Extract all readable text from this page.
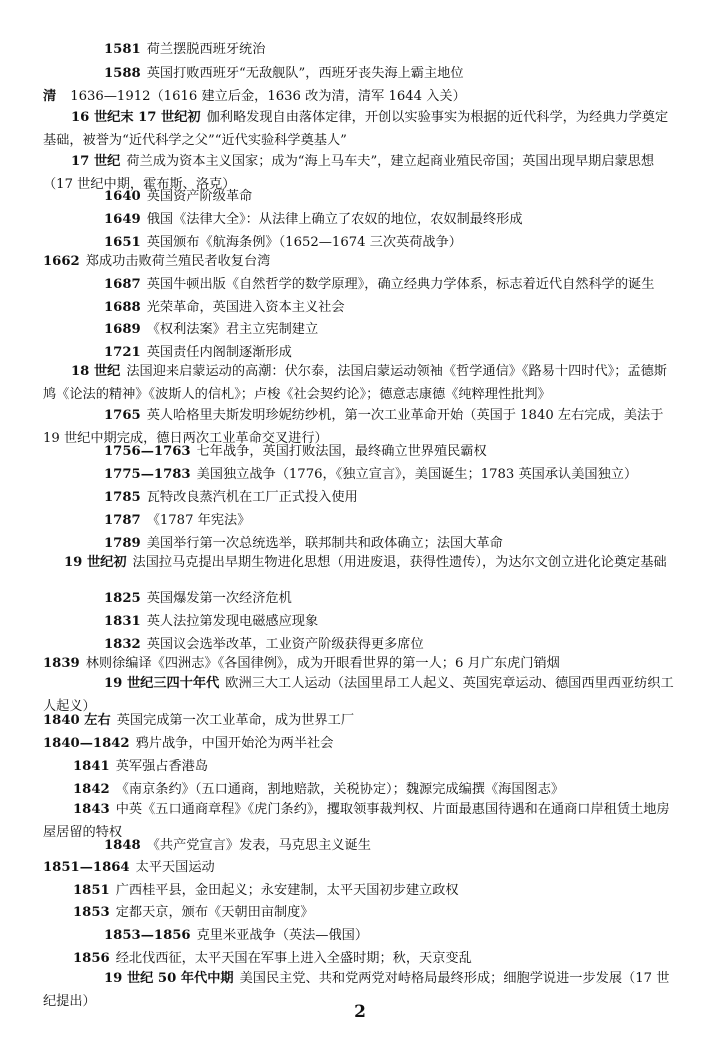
1581 荷兰摆脱西班牙统治
1588 英国打败西班牙“无敌舰队”，西班牙丧失海上霸主地位
清 1636—1912（1616 建立后金，1636 改为清，清军 1644 入关）
16 世纪末 17 世纪初 伽利略发现自由落体定律，开创以实验事实为根据的近代科学，为经典力学奠定基础，被誉为“近代科学之父”“近代实验科学奠基人”
17 世纪 荷兰成为资本主义国家；成为“海上马车夫”，建立起商业殖民帝国；英国出现早期启蒙思想（17 世纪中期，霍布斯、洛克）
1640 英国资产阶级革命
1649 俄国《法律大全》：从法律上确立了农奴的地位，农奴制最终形成
1651 英国颁布《航海条例》（1652—1674 三次英荷战争）
1662 郑成功击败荷兰殖民者收复台湾
1687 英国牛顿出版《自然哲学的数学原理》，确立经典力学体系，标志着近代自然科学的诞生
1688 光荣革命，英国进入资本主义社会
1689 《权利法案》君主立宪制建立
1721 英国责任内阁制逐渐形成
18 世纪 法国迎来启蒙运动的高潮：伏尔泰，法国启蒙运动领袖《哲学通信》《路易十四时代》；孟德斯鸠《论法的精神》《波斯人的信札》；卢梭《社会契约论》；德意志康德《纯粹理性批判》
1765 英人哈格里夫斯发明珍妮纺纱机，第一次工业革命开始（英国于 1840 左右完成，美法于 19 世纪中期完成，德日两次工业革命交叉进行）
1756—1763 七年战争，英国打败法国，最终确立世界殖民霸权
1775—1783 美国独立战争（1776，《独立宣言》，美国诞生；1783 英国承认美国独立）
1785 瓦特改良蒸汽机在工厂正式投入使用
1787 《1787 年宪法》
1789 美国举行第一次总统选举，联邦制共和政体确立；法国大革命
19 世纪初 法国拉马克提出早期生物进化思想（用进废退，获得性遗传），为达尔文创立进化论奠定基础
1825 英国爆发第一次经济危机
1831 英人法拉第发现电磁感应现象
1832 英国议会选举改革，工业资产阶级获得更多席位
1839 林则徐编译《四洲志》《各国律例》，成为开眼看世界的第一人；6 月广东虎门销烟
19 世纪三四十年代 欧洲三大工人运动（法国里昂工人起义、英国宪章运动、德国西里西亚纺织工人起义）
1840 左右 英国完成第一次工业革命，成为世界工厂
1840—1842 鸦片战争，中国开始沦为两半社会
1841 英军强占香港岛
1842 《南京条约》（五口通商，割地赔款，关税协定）；魏源完成编撰《海国图志》
1843 中英《五口通商章程》《虎门条约》，攫取领事裁判权、片面最惠国待遇和在通商口岸租赁土地房屋居留的特权
1848 《共产党宣言》发表，马克思主义诞生
1851—1864 太平天国运动
1851 广西桂平县，金田起义；永安建制，太平天国初步建立政权
1853 定都天京，颁布《天朝田亩制度》
1853—1856 克里米亚战争（英法—俄国）
1856 经北伐西征，太平天国在军事上进入全盛时期；秋，天京变乱
19 世纪 50 年代中期 美国民主党、共和党两党对峙格局最终形成；细胞学说进一步发展（17 世纪提出）
2
